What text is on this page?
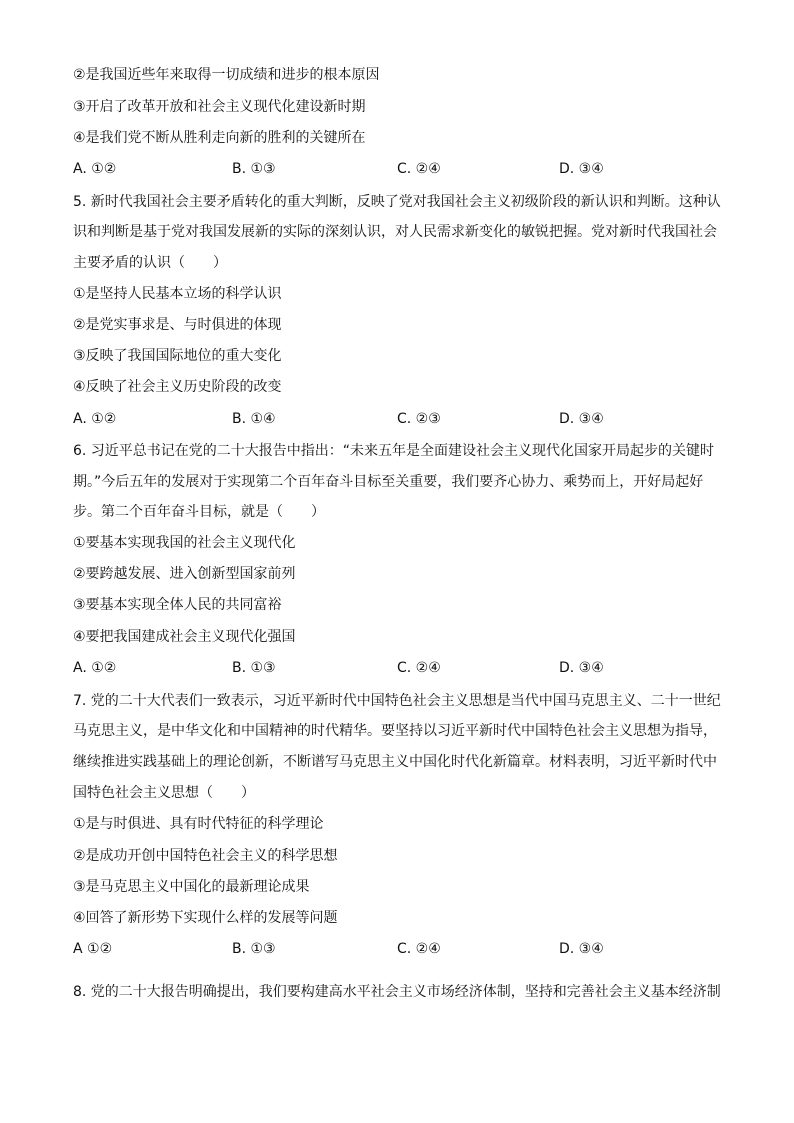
②是我国近些年来取得一切成绩和进步的根本原因
③开启了改革开放和社会主义现代化建设新时期
④是我们党不断从胜利走向新的胜利的关键所在
A. ①②	B. ①③	C. ②④	D. ③④
5. 新时代我国社会主要矛盾转化的重大判断，反映了党对我国社会主义初级阶段的新认识和判断。这种认
识和判断是基于党对我国发展新的实际的深刻认识，对人民需求新变化的敏锐把握。党对新时代我国社会
主要矛盾的认识（　　）
①是坚持人民基本立场的科学认识
②是党实事求是、与时俱进的体现
③反映了我国国际地位的重大变化
④反映了社会主义历史阶段的改变
A. ①②	B. ①④	C. ②③	D. ③④
6. 习近平总书记在党的二十大报告中指出：“未来五年是全面建设社会主义现代化国家开局起步的关键时
期。”今后五年的发展对于实现第二个百年奋斗目标至关重要，我们要齐心协力、乘势而上，开好局起好
步。第二个百年奋斗目标，就是（　　）
①要基本实现我国的社会主义现代化
②要跨越发展、进入创新型国家前列
③要基本实现全体人民的共同富裕
④要把我国建成社会主义现代化强国
A. ①②	B. ①③	C. ②④	D. ③④
7. 党的二十大代表们一致表示，习近平新时代中国特色社会主义思想是当代中国马克思主义、二十一世纪
马克思主义，是中华文化和中国精神的时代精华。要坚持以习近平新时代中国特色社会主义思想为指导，
继续推进实践基础上的理论创新，不断谱写马克思主义中国化时代化新篇章。材料表明，习近平新时代中
国特色社会主义思想（　　）
①是与时俱进、具有时代特征的科学理论
②是成功开创中国特色社会主义的科学思想
③是马克思主义中国化的最新理论成果
④回答了新形势下实现什么样的发展等问题
A ①②	B. ①③	C. ②④	D. ③④
8. 党的二十大报告明确提出，我们要构建高水平社会主义市场经济体制，坚持和完善社会主义基本经济制
